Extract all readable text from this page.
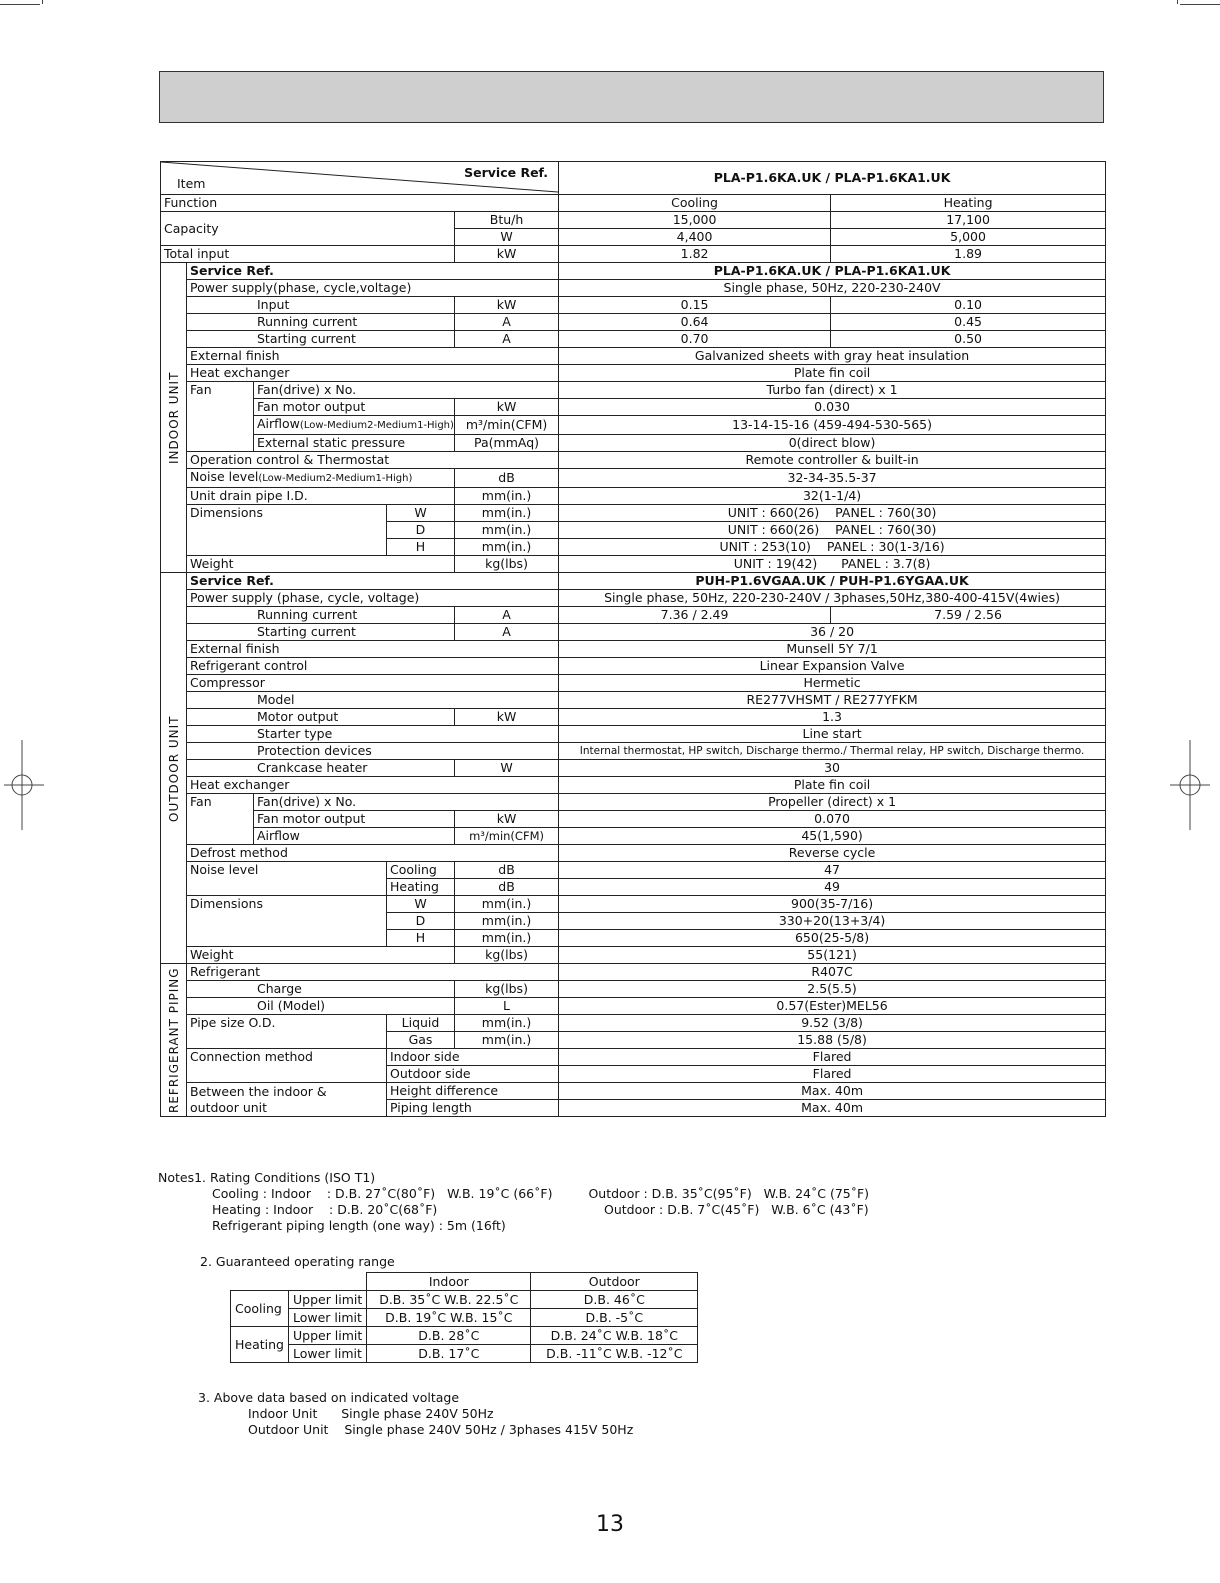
Item
Service Ref.					PLA-P1.6KA.UK / PLA-P1.6KA1.UK	
Function					Cooling	Heating
Capacity				Btu/h	15,000	17,100
				W	4,400	5,000
Total input				kW	1.82	1.89
INDOOR UNIT	Service Ref.				PLA-P1.6KA.UK / PLA-P1.6KA1.UK	
	Power supply(phase, cycle,voltage)				Single phase, 50Hz, 220-230-240V	
	Input			kW	0.15	0.10
	Running current			A	0.64	0.45
	Starting current			A	0.70	0.50
	External finish				Galvanized sheets with gray heat insulation	
	Heat exchanger				Plate fin coil	
	Fan	Fan(drive) x No.			Turbo fan (direct) x 1	
		Fan motor output		kW	0.030	
		Airflow(Low-Medium2-Medium1-High)		m³/min(CFM)	13-14-15-16 (459-494-530-565)	
		External static pressure		Pa(mmAq)	0(direct blow)	
	Operation control & Thermostat				Remote controller & built-in	
	Noise level(Low-Medium2-Medium1-High)			dB	32-34-35.5-37	
	Unit drain pipe I.D.			mm(in.)	32(1-1/4)	
	Dimensions		W	mm(in.)	UNIT : 660(26)    PANEL : 760(30)	
			D	mm(in.)	UNIT : 660(26)    PANEL : 760(30)	
			H	mm(in.)	UNIT : 253(10)    PANEL : 30(1-3/16)	
	Weight			kg(lbs)	UNIT : 19(42)      PANEL : 3.7(8)	
OUTDOOR UNIT	Service Ref.				PUH-P1.6VGAA.UK / PUH-P1.6YGAA.UK	
	Power supply (phase, cycle, voltage)				Single phase, 50Hz, 220-230-240V / 3phases,50Hz,380-400-415V(4wies)	
	Running current			A	7.36 / 2.49	7.59 / 2.56
	Starting current			A	36 / 20	
	External finish				Munsell 5Y 7/1	
	Refrigerant control				Linear Expansion Valve	
	Compressor				Hermetic	
	Model				RE277VHSMT / RE277YFKM	
	Motor output			kW	1.3	
	Starter type				Line start	
	Protection devices				Internal thermostat, HP switch, Discharge thermo./ Thermal relay, HP switch, Discharge thermo.	
	Crankcase heater			W	30	
	Heat exchanger				Plate fin coil	
	Fan	Fan(drive) x No.			Propeller (direct) x 1	
		Fan motor output		kW	0.070	
		Airflow		m³/min(CFM)	45(1,590)	
	Defrost method				Reverse cycle	
	Noise level		Cooling	dB	47	
			Heating	dB	49	
	Dimensions		W	mm(in.)	900(35-7/16)	
			D	mm(in.)	330+20(13+3/4)	
			H	mm(in.)	650(25-5/8)	
	Weight			kg(lbs)	55(121)	
REFRIGERANT PIPING	Refrigerant				R407C	
	Charge			kg(lbs)	2.5(5.5)	
	Oil (Model)			L	0.57(Ester)MEL56	
	Pipe size O.D.		Liquid	mm(in.)	9.52 (3/8)	
			Gas	mm(in.)	15.88 (5/8)	
	Connection method		Indoor side		Flared	
			Outdoor side		Flared	

	Between the indoor &
outdoor unit		Height difference		Max. 40m	
			Piping length		Max. 40m	
Notes1. Rating Conditions (ISO T1)
Cooling : Indoor    : D.B. 27˚C(80˚F)   W.B. 19˚C (66˚F)	Outdoor : D.B. 35˚C(95˚F)   W.B. 24˚C (75˚F)
Heating : Indoor    : D.B. 20˚C(68˚F)	Outdoor : D.B. 7˚C(45˚F)   W.B. 6˚C (43˚F)
Refrigerant piping length (one way) : 5m (16ft)
2. Guaranteed operating range
3. Above data based on indicated voltage
Indoor Unit      Single phase 240V 50Hz
Outdoor Unit    Single phase 240V 50Hz / 3phases 415V 50Hz
		Indoor	Outdoor
Cooling	Upper limit	D.B. 35˚C W.B. 22.5˚C	D.B. 46˚C
	Lower limit	D.B. 19˚C W.B. 15˚C	D.B. -5˚C
Heating	Upper limit	D.B. 28˚C	D.B. 24˚C W.B. 18˚C
	Lower limit	D.B. 17˚C	D.B. -11˚C W.B. -12˚C
13
